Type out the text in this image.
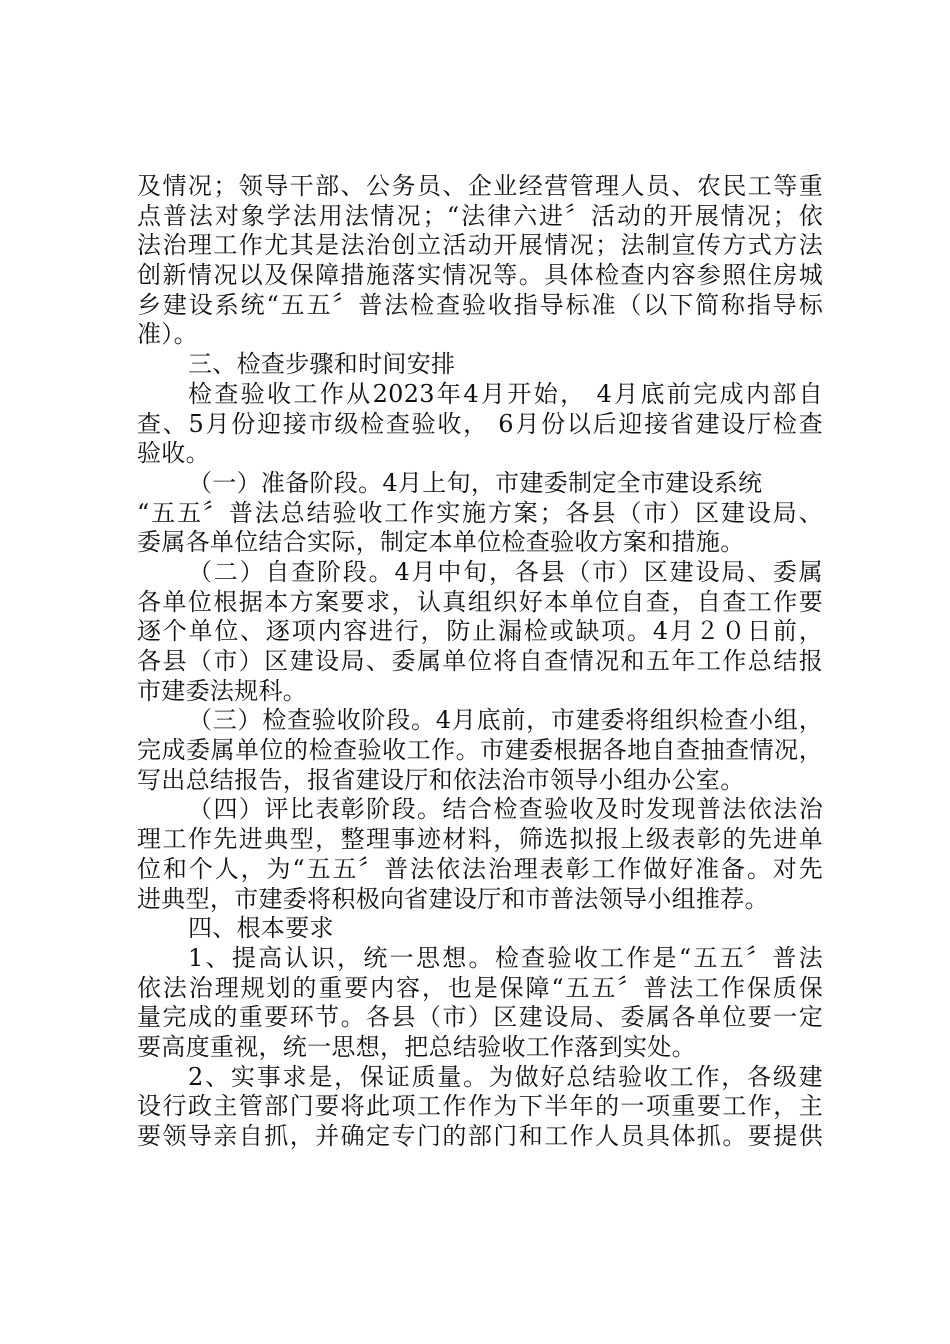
及情况；领导干部、公务员、企业经营管理人员、农民工等重
点普法对象学法用法情况；“法律六进〞活动的开展情况；依
法治理工作尤其是法治创立活动开展情况；法制宣传方式方法
创新情况以及保障措施落实情况等。具体检查内容参照住房城
乡建设系统“五五〞普法检查验收指导标准（以下简称指导标
准）。
三、检查步骤和时间安排
检查验收工作从2023年4月开始， 4月底前完成内部自
查、5月份迎接市级检查验收， 6月份以后迎接省建设厅检查
验收。
（一）准备阶段。4月上旬，市建委制定全市建设系统
“五五〞普法总结验收工作实施方案；各县（市）区建设局、
委属各单位结合实际，制定本单位检查验收方案和措施。
（二）自查阶段。4月中旬，各县（市）区建设局、委属
各单位根据本方案要求，认真组织好本单位自查，自查工作要
逐个单位、逐项内容进行，防止漏检或缺项。4月２０日前，
各县（市）区建设局、委属单位将自查情况和五年工作总结报
市建委法规科。
（三）检查验收阶段。4月底前，市建委将组织检查小组，
完成委属单位的检查验收工作。市建委根据各地自查抽查情况，
写出总结报告，报省建设厅和依法治市领导小组办公室。
（四）评比表彰阶段。结合检查验收及时发现普法依法治
理工作先进典型，整理事迹材料，筛选拟报上级表彰的先进单
位和个人，为“五五〞普法依法治理表彰工作做好准备。对先
进典型，市建委将积极向省建设厅和市普法领导小组推荐。
四、根本要求
1、提高认识，统一思想。检查验收工作是“五五〞普法
依法治理规划的重要内容，也是保障“五五〞普法工作保质保
量完成的重要环节。各县（市）区建设局、委属各单位要一定
要高度重视，统一思想，把总结验收工作落到实处。
2、实事求是，保证质量。为做好总结验收工作，各级建
设行政主管部门要将此项工作作为下半年的一项重要工作，主
要领导亲自抓，并确定专门的部门和工作人员具体抓。要提供
